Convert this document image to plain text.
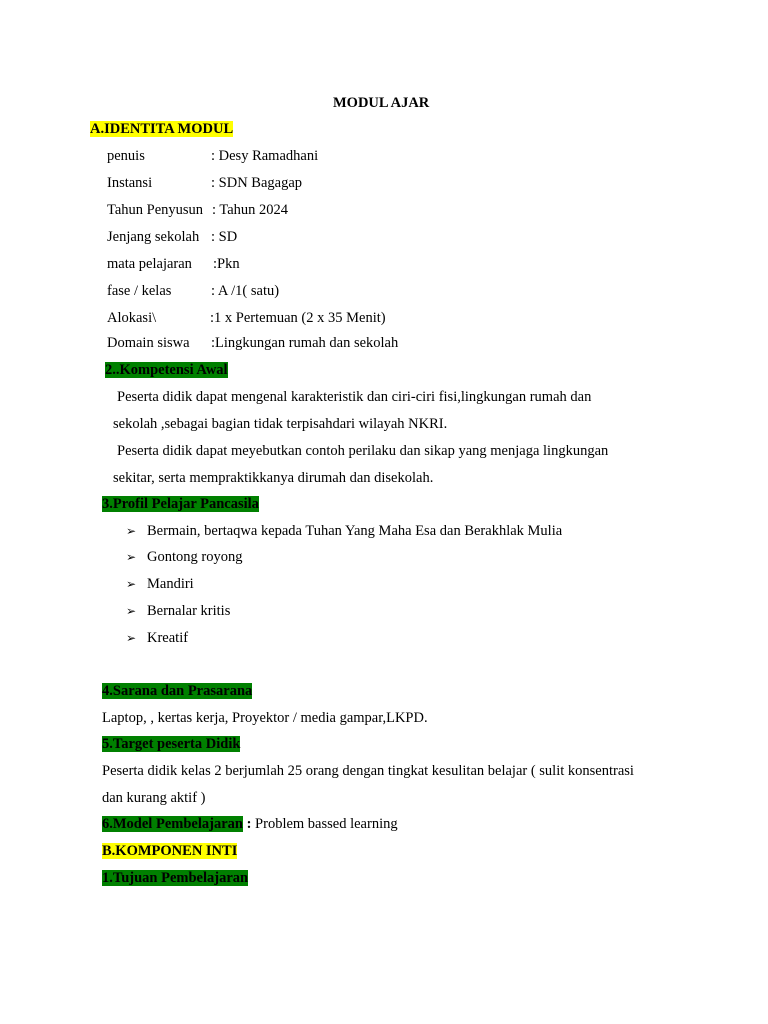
MODUL AJAR
A.IDENTITA MODUL
penuis	: Desy Ramadhani
Instansi	: SDN Bagagap
Tahun Penyusun : Tahun 2024
Jenjang sekolah : SD
mata pelajaran :Pkn
fase / kelas	: A /1( satu)
Alokasi\	:1 x Pertemuan (2 x 35 Menit)
Domain siswa :Lingkungan rumah dan sekolah
2..Kompetensi Awal
Peserta didik dapat mengenal karakteristik dan ciri-ciri fisi,lingkungan rumah dan
sekolah ,sebagai bagian tidak terpisahdari wilayah NKRI.
Peserta didik dapat meyebutkan contoh perilaku dan sikap yang menjaga lingkungan
sekitar, serta mempraktikkanya dirumah dan disekolah.
3.Profil Pelajar Pancasila
➢ Bermain, bertaqwa kepada Tuhan Yang Maha Esa dan Berakhlak Mulia
➢ Gontong royong
➢ Mandiri
➢ Bernalar kritis
➢ Kreatif
4.Sarana dan Prasarana
Laptop, , kertas kerja, Proyektor / media gampar,LKPD.
5.Target peserta Didik
Peserta didik kelas 2 berjumlah 25 orang dengan tingkat kesulitan belajar ( sulit konsentrasi
dan kurang aktif )
6.Model Pembelajaran : Problem bassed learning
B.KOMPONEN INTI
1.Tujuan Pembelajaran
